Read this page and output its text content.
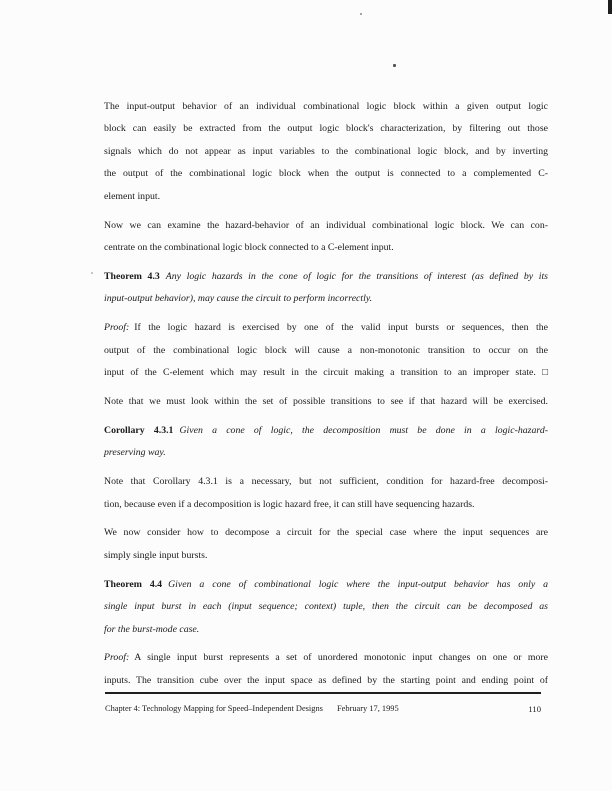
The input-output behavior of an individual combinational logic block within a given output logic
block can easily be extracted from the output logic block's characterization, by filtering out those
signals which do not appear as input variables to the combinational logic block, and by inverting
the output of the combinational logic block when the output is connected to a complemented C-
element input.
Now we can examine the hazard-behavior of an individual combinational logic block. We can con-
centrate on the combinational logic block connected to a C-element input.
Theorem 4.3 Any logic hazards in the cone of logic for the transitions of interest (as defined by its
input-output behavior), may cause the circuit to perform incorrectly.
Proof: If the logic hazard is exercised by one of the valid input bursts or sequences, then the
output of the combinational logic block will cause a non-monotonic transition to occur on the
input of the C-element which may result in the circuit making a transition to an improper state. □
Note that we must look within the set of possible transitions to see if that hazard will be exercised.
Corollary 4.3.1 Given a cone of logic, the decomposition must be done in a logic-hazard-
preserving way.
Note that Corollary 4.3.1 is a necessary, but not sufficient, condition for hazard-free decomposi-
tion, because even if a decomposition is logic hazard free, it can still have sequencing hazards.
We now consider how to decompose a circuit for the special case where the input sequences are
simply single input bursts.
Theorem 4.4 Given a cone of combinational logic where the input-output behavior has only a
single input burst in each (input sequence; context) tuple, then the circuit can be decomposed as
for the burst-mode case.
Proof: A single input burst represents a set of unordered monotonic input changes on one or more
inputs. The transition cube over the input space as defined by the starting point and ending point of
Chapter 4: Technology Mapping for Speed–Independent Designs February 17, 1995	110
